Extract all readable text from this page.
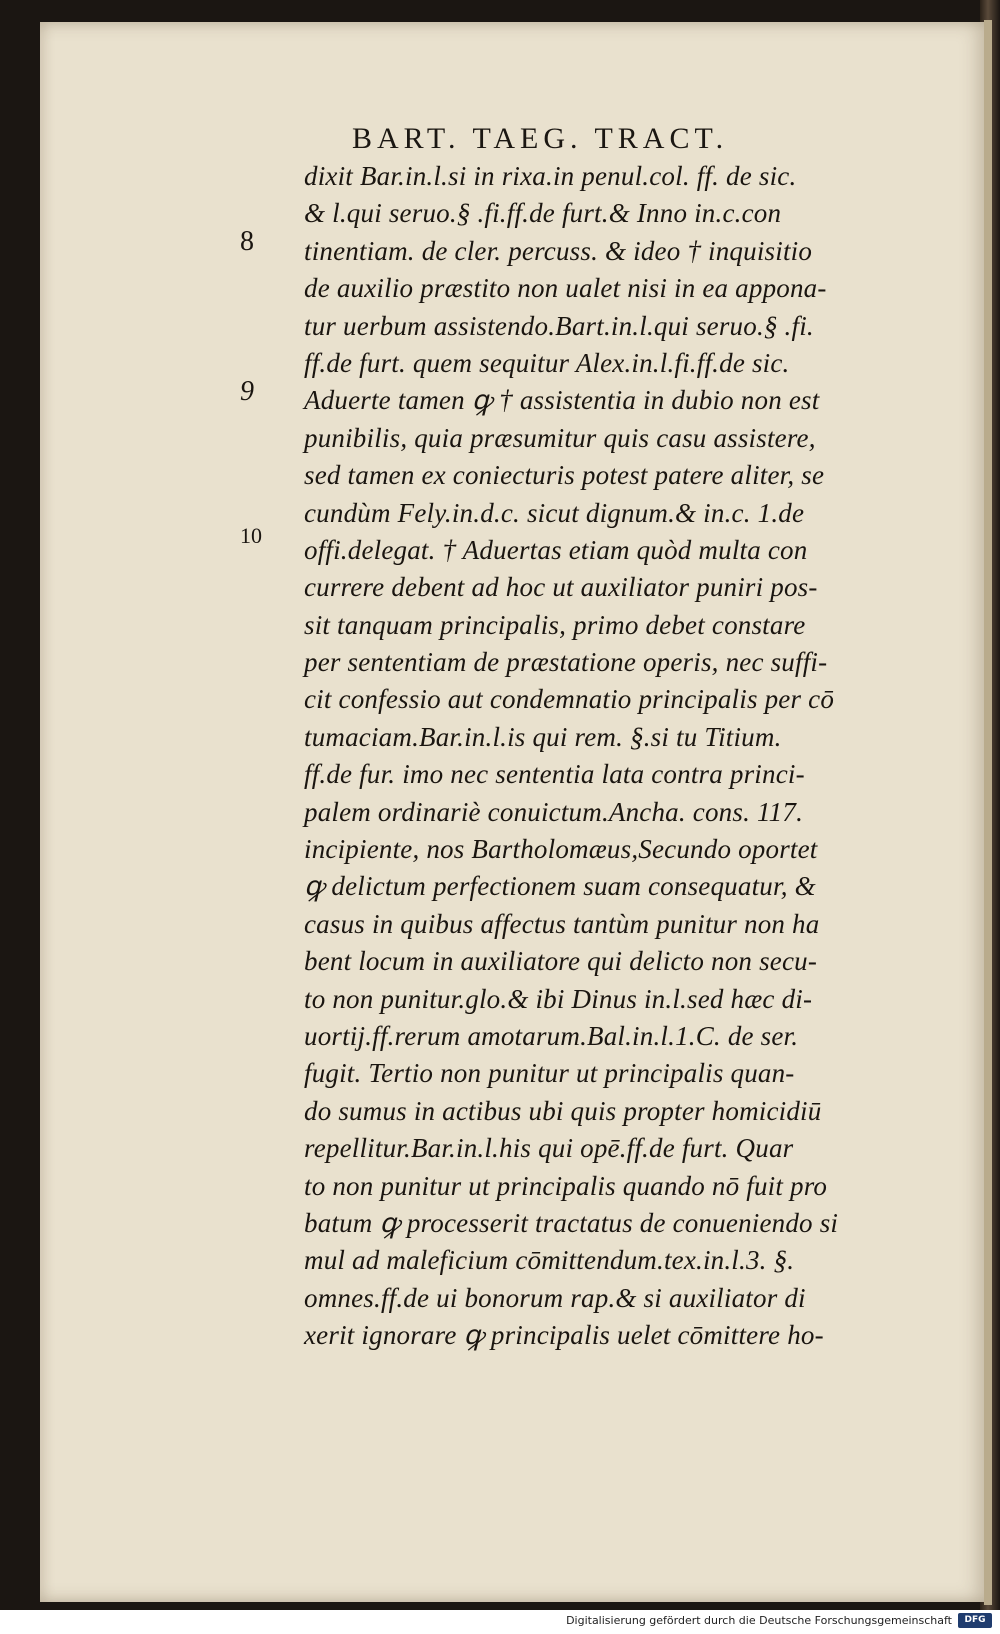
BART. TAEG. TRACT.
8
9
10
dixit Bar.in.l.si in rixa.in penul.col. ff. de sic.
& l.qui seruo.§ .fi.ff.de furt.& Inno in.c.con
tinentiam. de cler. percuss. & ideo † inquisitio
de auxilio præstito non ualet nisi in ea appona-
tur uerbum assistendo.Bart.in.l.qui seruo.§ .fi.
ff.de furt. quem sequitur Alex.in.l.fi.ff.de sic.
Aduerte tamen ꝙ † assistentia in dubio non est
punibilis, quia præsumitur quis casu assistere,
sed tamen ex coniecturis potest patere aliter, se
cundùm Fely.in.d.c. sicut dignum.& in.c. 1.de
offi.delegat. † Aduertas etiam quòd multa con
currere debent ad hoc ut auxiliator puniri pos-
sit tanquam principalis, primo debet constare
per sententiam de præstatione operis, nec suffi-
cit confessio aut condemnatio principalis per cō
tumaciam.Bar.in.l.is qui rem. §.si tu Titium.
ff.de fur. imo nec sententia lata contra princi-
palem ordinariè conuictum.Ancha. cons. 117.
incipiente, nos Bartholomæus,Secundo oportet
ꝙ delictum perfectionem suam consequatur, &
casus in quibus affectus tantùm punitur non ha
bent locum in auxiliatore qui delicto non secu-
to non punitur.glo.& ibi Dinus in.l.sed hæc di-
uortij.ff.rerum amotarum.Bal.in.l.1.C. de ser.
fugit. Tertio non punitur ut principalis quan-
do sumus in actibus ubi quis propter homicidiū
repellitur.Bar.in.l.his qui opē.ff.de furt. Quar
to non punitur ut principalis quando nō fuit pro
batum ꝙ processerit tractatus de conueniendo si
mul ad maleficium cōmittendum.tex.in.l.3. §.
omnes.ff.de ui bonorum rap.& si auxiliator di
xerit ignorare ꝙ principalis uelet cōmittere ho-
Digitalisierung gefördert durch die Deutsche Forschungsgemeinschaft	DFG
